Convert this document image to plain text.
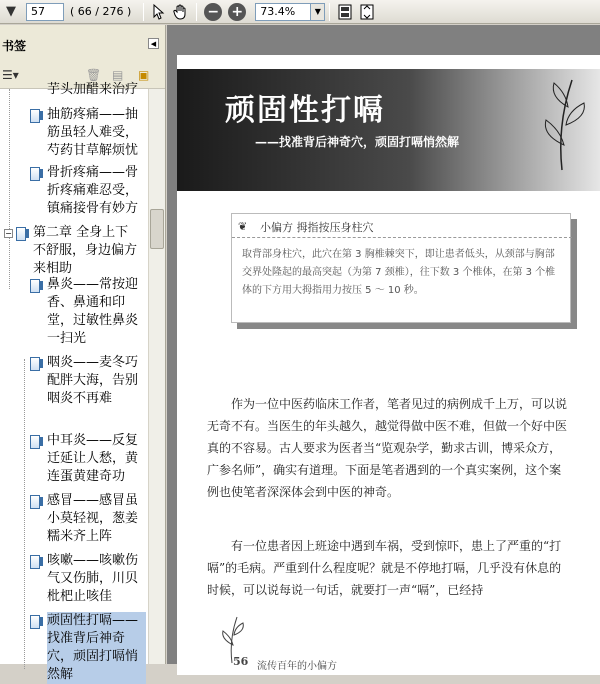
▼	57	( 66 / 276 )	− +	73.4%	▼
书签	◀
☰▾	🗑 ▤ ▣
芋头加醋来治疗
抽筋疼痛——抽
筋虽轻人难受，
芍药甘草解烦忧
骨折疼痛——骨
折疼痛难忍受，
镇痛接骨有妙方
− 第二章 全身上下
不舒服，身边偏方
来相助
鼻炎——常按迎
香、鼻通和印
堂，过敏性鼻炎
一扫光
咽炎——麦冬巧
配胖大海，告别
咽炎不再难
中耳炎——反复
迁延让人愁，黄
连蛋黄建奇功
感冒——感冒虽
小莫轻视，葱姜
糯米齐上阵
咳嗽——咳嗽伤
气又伤肺，川贝
枇杷止咳佳
顽固性打嗝——
找准背后神奇
穴，顽固打嗝悄
然解
顽固性打嗝
——找准背后神奇穴，顽固打嗝悄然解
❦ 小偏方 拇指按压身柱穴
取背部身柱穴，此穴在第 3 胸椎棘突下，即让患者低头，从颈部与胸部交界处隆起的最高突起（为第 7 颈椎），往下数 3 个椎体，在第 3 个椎体的下方用大拇指用力按压 5 ～ 10 秒。
作为一位中医药临床工作者，笔者见过的病例成千上万，可以说无奇不有。当医生的年头越久，越觉得做中医不难，但做一个好中医真的不容易。古人要求为医者当“览观杂学，勤求古训，博采众方，广参名师”，确实有道理。下面是笔者遇到的一个真实案例，这个案例也使笔者深深体会到中医的神奇。
有一位患者因上班途中遇到车祸，受到惊吓，患上了严重的“打嗝”的毛病。严重到什么程度呢？就是不停地打嗝，几乎没有休息的时候，可以说每说一句话，就要打一声“嗝”，已经持
56 流传百年的小偏方
